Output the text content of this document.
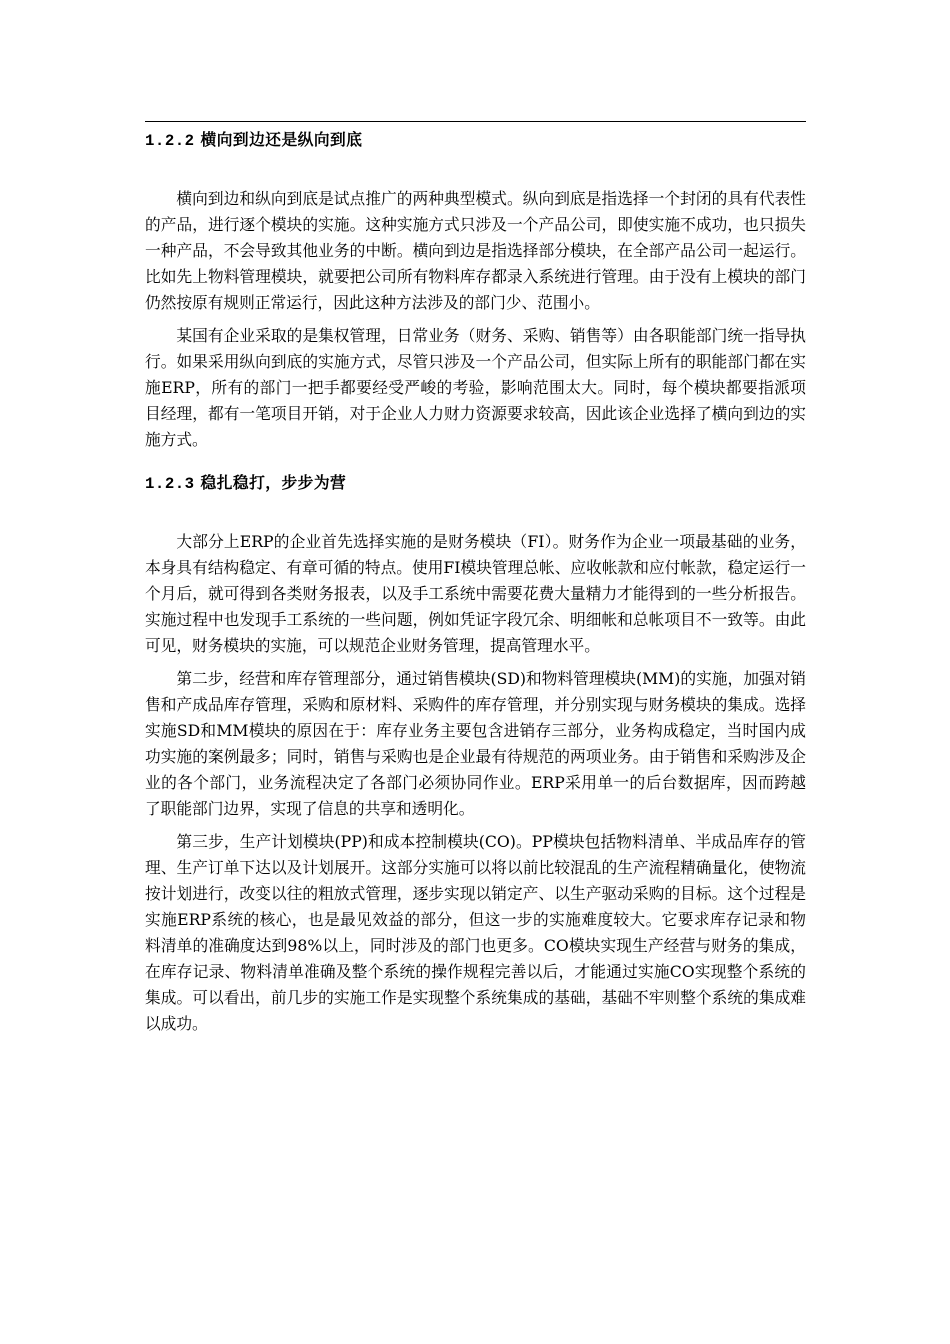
1.2.2 横向到边还是纵向到底

横向到边和纵向到底是试点推广的两种典型模式。纵向到底是指选择一个封闭的具有代表性的产品，进行逐个模块的实施。这种实施方式只涉及一个产品公司，即使实施不成功，也只损失一种产品，不会导致其他业务的中断。横向到边是指选择部分模块，在全部产品公司一起运行。比如先上物料管理模块，就要把公司所有物料库存都录入系统进行管理。由于没有上模块的部门仍然按原有规则正常运行，因此这种方法涉及的部门少、范围小。

某国有企业采取的是集权管理，日常业务（财务、采购、销售等）由各职能部门统一指导执行。如果采用纵向到底的实施方式，尽管只涉及一个产品公司，但实际上所有的职能部门都在实施ERP，所有的部门一把手都要经受严峻的考验，影响范围太大。同时，每个模块都要指派项目经理，都有一笔项目开销，对于企业人力财力资源要求较高，因此该企业选择了横向到边的实施方式。

1.2.3 稳扎稳打，步步为营

大部分上ERP的企业首先选择实施的是财务模块（FI）。财务作为企业一项最基础的业务，本身具有结构稳定、有章可循的特点。使用FI模块管理总帐、应收帐款和应付帐款，稳定运行一个月后，就可得到各类财务报表，以及手工系统中需要花费大量精力才能得到的一些分析报告。实施过程中也发现手工系统的一些问题，例如凭证字段冗余、明细帐和总帐项目不一致等。由此可见，财务模块的实施，可以规范企业财务管理，提高管理水平。

第二步，经营和库存管理部分，通过销售模块(SD)和物料管理模块(MM)的实施，加强对销售和产成品库存管理，采购和原材料、采购件的库存管理，并分别实现与财务模块的集成。选择实施SD和MM模块的原因在于：库存业务主要包含进销存三部分，业务构成稳定，当时国内成功实施的案例最多；同时，销售与采购也是企业最有待规范的两项业务。由于销售和采购涉及企业的各个部门，业务流程决定了各部门必须协同作业。ERP采用单一的后台数据库，因而跨越了职能部门边界，实现了信息的共享和透明化。

第三步，生产计划模块(PP)和成本控制模块(CO)。PP模块包括物料清单、半成品库存的管理、生产订单下达以及计划展开。这部分实施可以将以前比较混乱的生产流程精确量化，使物流按计划进行，改变以往的粗放式管理，逐步实现以销定产、以生产驱动采购的目标。这个过程是实施ERP系统的核心，也是最见效益的部分，但这一步的实施难度较大。它要求库存记录和物料清单的准确度达到98%以上，同时涉及的部门也更多。CO模块实现生产经营与财务的集成，在库存记录、物料清单准确及整个系统的操作规程完善以后，才能通过实施CO实现整个系统的集成。可以看出，前几步的实施工作是实现整个系统集成的基础，基础不牢则整个系统的集成难以成功。
